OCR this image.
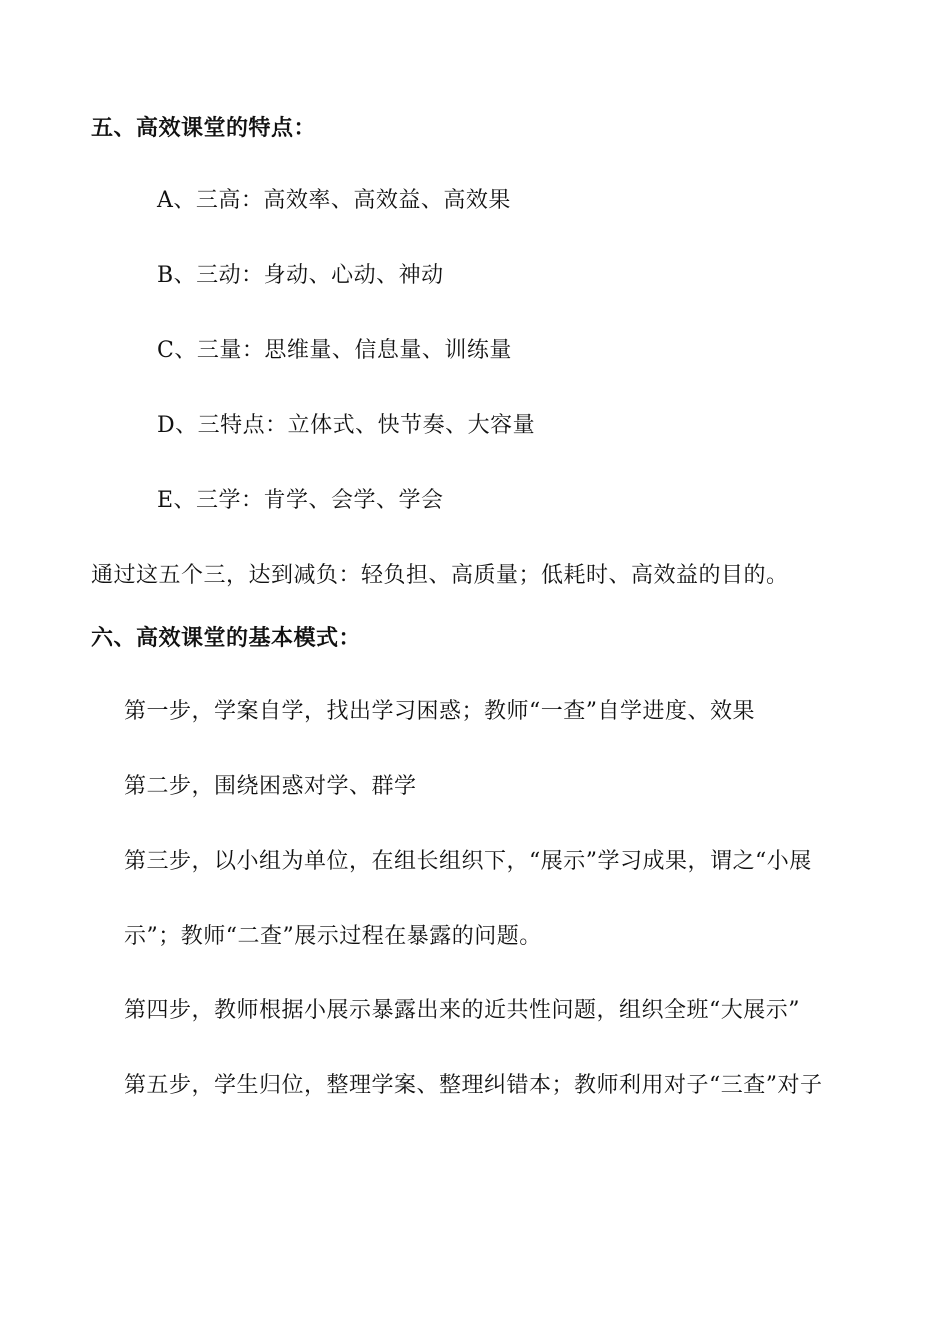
五、高效课堂的特点：
A、三高：高效率、高效益、高效果
B、三动：身动、心动、神动
C、三量：思维量、信息量、训练量
D、三特点：立体式、快节奏、大容量
E、三学：肯学、会学、学会
通过这五个三，达到减负：轻负担、高质量；低耗时、高效益的目的。
六、高效课堂的基本模式：
第一步，学案自学，找出学习困惑；教师“一查”自学进度、效果
第二步，围绕困惑对学、群学
第三步，以小组为单位，在组长组织下，“展示”学习成果，谓之“小展
示”；教师“二查”展示过程在暴露的问题。
第四步，教师根据小展示暴露出来的近共性问题，组织全班“大展示”
第五步，学生归位，整理学案、整理纠错本；教师利用对子“三查”对子
